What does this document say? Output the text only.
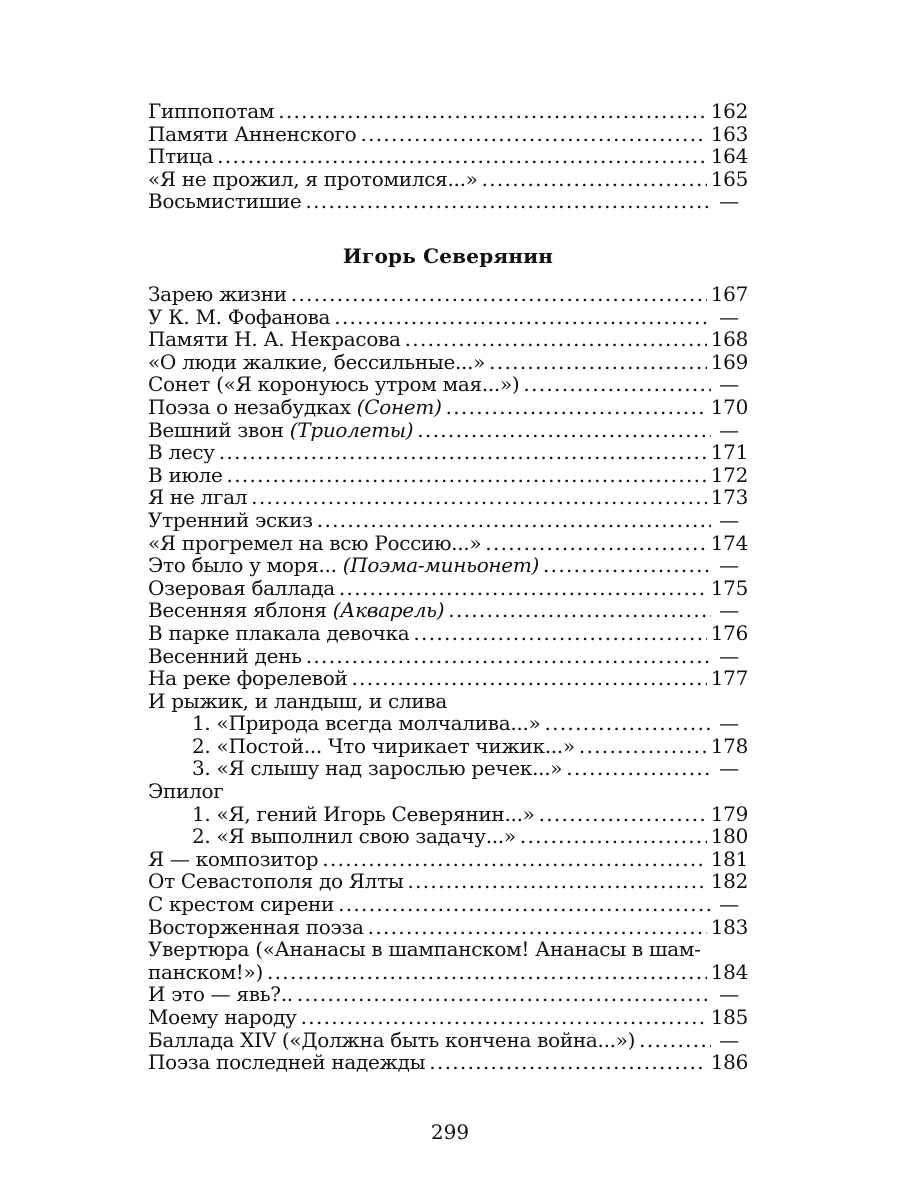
Гиппопотам .....	162
Памяти Анненского .....	163
Птица .....	164
«Я не прожил, я протомился...» .....	165
Восьмистишие .....	—
Игорь Северянин
Зарею жизни .....	167
У К. М. Фофанова .....	—
Памяти Н. А. Некрасова .....	168
«О люди жалкие, бессильные...» .....	169
Сонет («Я коронуюсь утром мая...») .....	—
Поэза о незабудках (Сонет) .....	170
Вешний звон (Триолеты) .....	—
В лесу .....	171
В июле .....	172
Я не лгал .....	173
Утренний эскиз .....	—
«Я прогремел на всю Россию...» .....	174
Это было у моря... (Поэма-миньонет) .....	—
Озеровая баллада .....	175
Весенняя яблоня (Акварель) .....	—
В парке плакала девочка .....	176
Весенний день .....	—
На реке форелевой .....	177
И рыжик, и ландыш, и слива
1. «Природа всегда молчалива...» .....	—
2. «Постой... Что чирикает чижик...» .....	178
3. «Я слышу над зарослью речек...» .....	—
Эпилог
1. «Я, гений Игорь Северянин...» .....	179
2. «Я выполнил свою задачу...» .....	180
Я — композитор .....	181
От Севастополя до Ялты .....	182
С крестом сирени .....	—
Восторженная поэза .....	183
Увертюра («Ананасы в шампанском! Ананасы в шам-
панском!») .....	184
И это — явь?.. .....	—
Моему народу .....	185
Баллада XIV («Должна быть кончена война...») .....	—
Поэза последней надежды .....	186
299
